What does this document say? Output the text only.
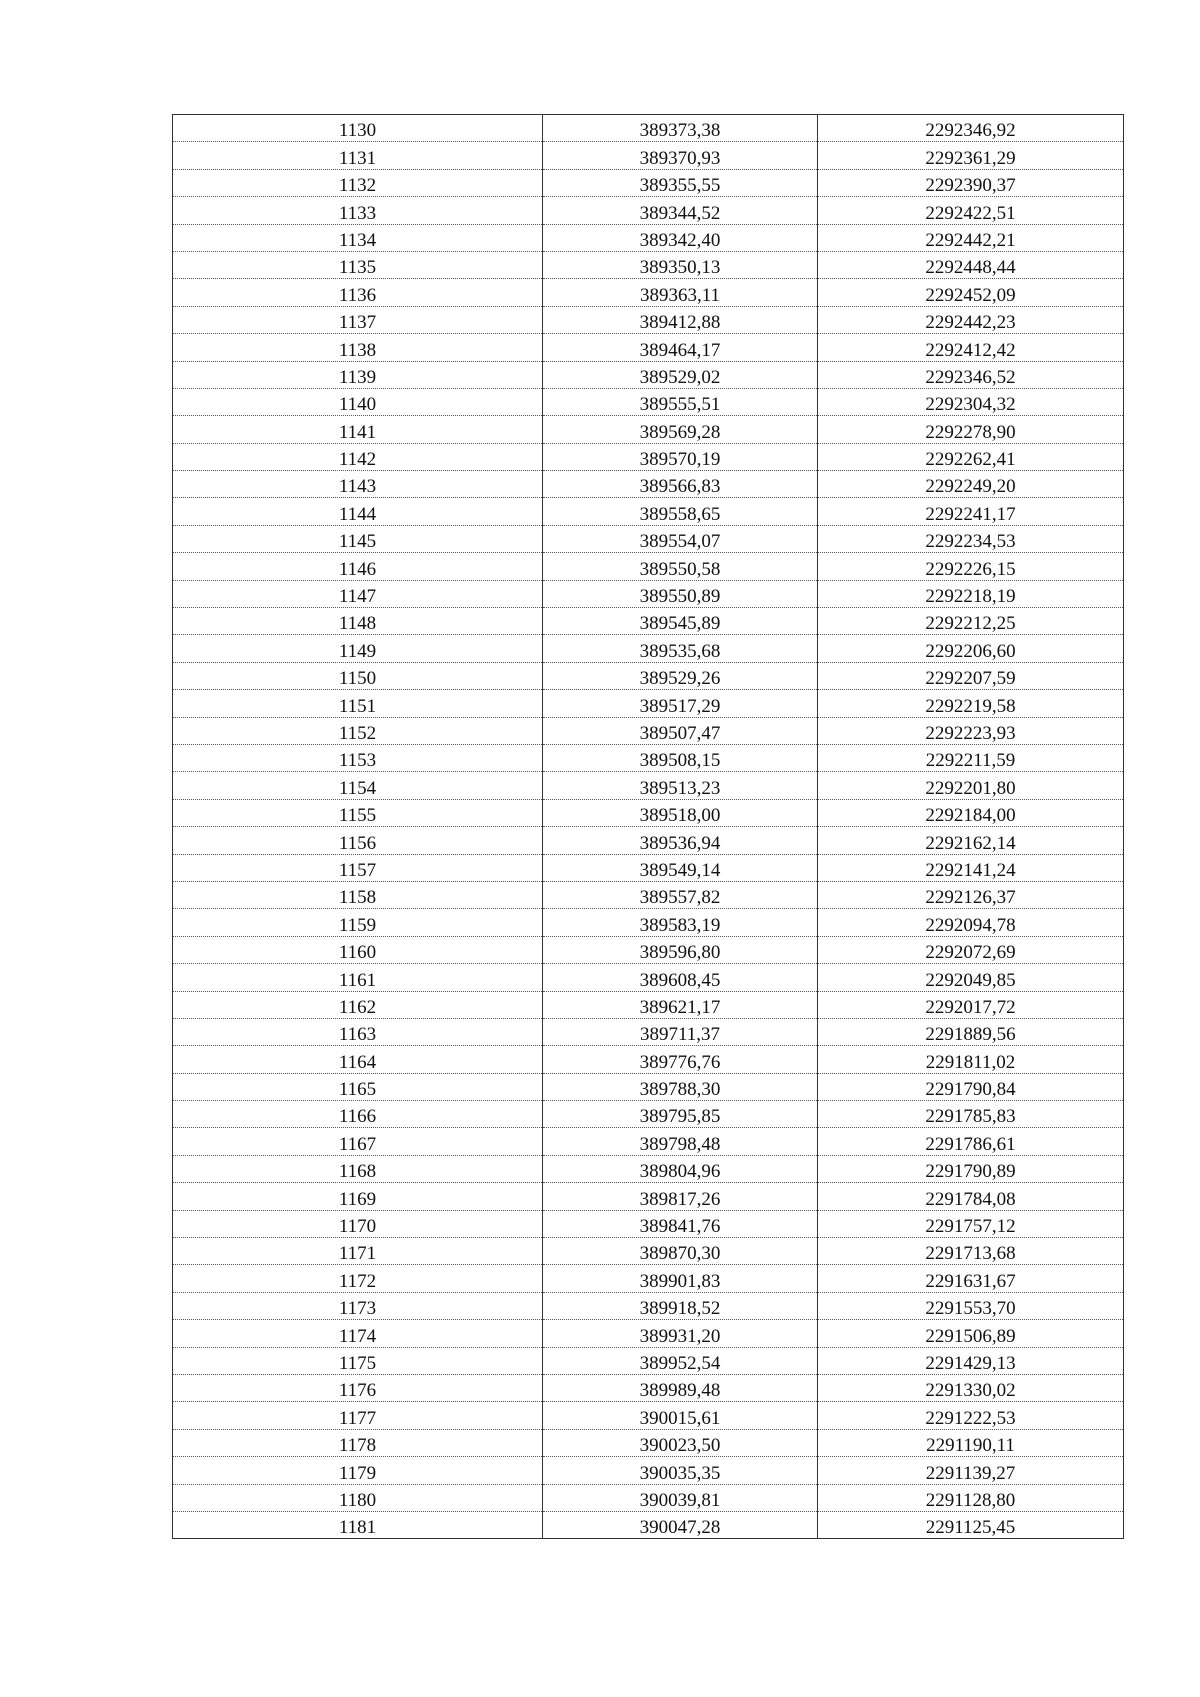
1130	389373,38	2292346,92
1131	389370,93	2292361,29
1132	389355,55	2292390,37
1133	389344,52	2292422,51
1134	389342,40	2292442,21
1135	389350,13	2292448,44
1136	389363,11	2292452,09
1137	389412,88	2292442,23
1138	389464,17	2292412,42
1139	389529,02	2292346,52
1140	389555,51	2292304,32
1141	389569,28	2292278,90
1142	389570,19	2292262,41
1143	389566,83	2292249,20
1144	389558,65	2292241,17
1145	389554,07	2292234,53
1146	389550,58	2292226,15
1147	389550,89	2292218,19
1148	389545,89	2292212,25
1149	389535,68	2292206,60
1150	389529,26	2292207,59
1151	389517,29	2292219,58
1152	389507,47	2292223,93
1153	389508,15	2292211,59
1154	389513,23	2292201,80
1155	389518,00	2292184,00
1156	389536,94	2292162,14
1157	389549,14	2292141,24
1158	389557,82	2292126,37
1159	389583,19	2292094,78
1160	389596,80	2292072,69
1161	389608,45	2292049,85
1162	389621,17	2292017,72
1163	389711,37	2291889,56
1164	389776,76	2291811,02
1165	389788,30	2291790,84
1166	389795,85	2291785,83
1167	389798,48	2291786,61
1168	389804,96	2291790,89
1169	389817,26	2291784,08
1170	389841,76	2291757,12
1171	389870,30	2291713,68
1172	389901,83	2291631,67
1173	389918,52	2291553,70
1174	389931,20	2291506,89
1175	389952,54	2291429,13
1176	389989,48	2291330,02
1177	390015,61	2291222,53
1178	390023,50	2291190,11
1179	390035,35	2291139,27
1180	390039,81	2291128,80
1181	390047,28	2291125,45
